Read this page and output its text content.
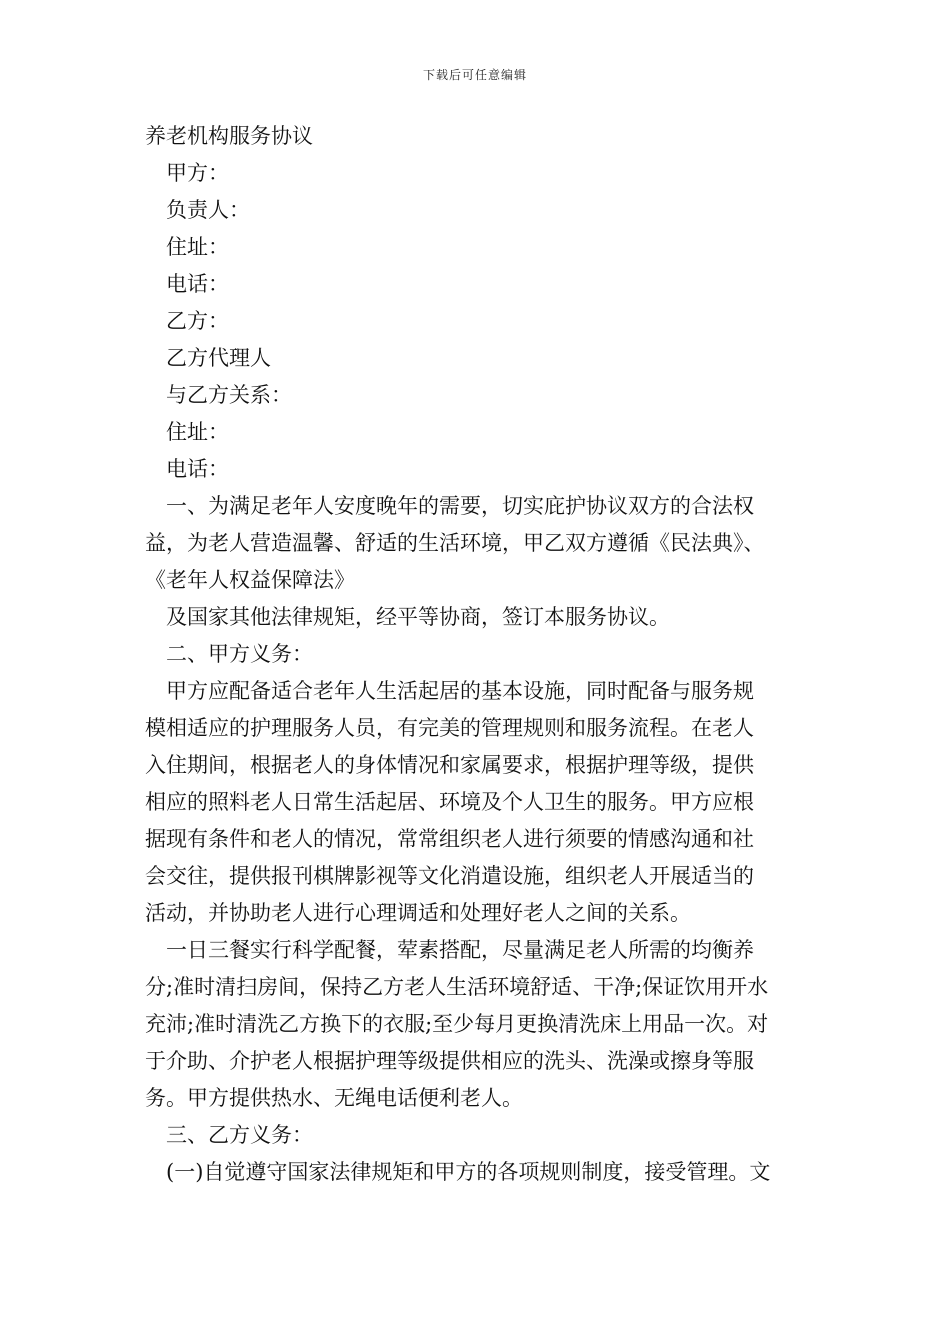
下载后可任意编辑
养老机构服务协议
甲方：
负责人：
住址：
电话：
乙方：
乙方代理人
与乙方关系：
住址：
电话：
一、为满足老年人安度晚年的需要，切实庇护协议双方的合法权
益，为老人营造温馨、舒适的生活环境，甲乙双方遵循《民法典》、
《老年人权益保障法》
及国家其他法律规矩，经平等协商，签订本服务协议。
二、甲方义务：
甲方应配备适合老年人生活起居的基本设施，同时配备与服务规
模相适应的护理服务人员，有完美的管理规则和服务流程。在老人
入住期间，根据老人的身体情况和家属要求，根据护理等级，提供
相应的照料老人日常生活起居、环境及个人卫生的服务。甲方应根
据现有条件和老人的情况，常常组织老人进行须要的情感沟通和社
会交往，提供报刊棋牌影视等文化消遣设施，组织老人开展适当的
活动，并协助老人进行心理调适和处理好老人之间的关系。
一日三餐实行科学配餐，荤素搭配，尽量满足老人所需的均衡养
分;准时清扫房间，保持乙方老人生活环境舒适、干净;保证饮用开水
充沛;准时清洗乙方换下的衣服;至少每月更换清洗床上用品一次。对
于介助、介护老人根据护理等级提供相应的洗头、洗澡或擦身等服
务。甲方提供热水、无绳电话便利老人。
三、乙方义务：
(一)自觉遵守国家法律规矩和甲方的各项规则制度，接受管理。文
